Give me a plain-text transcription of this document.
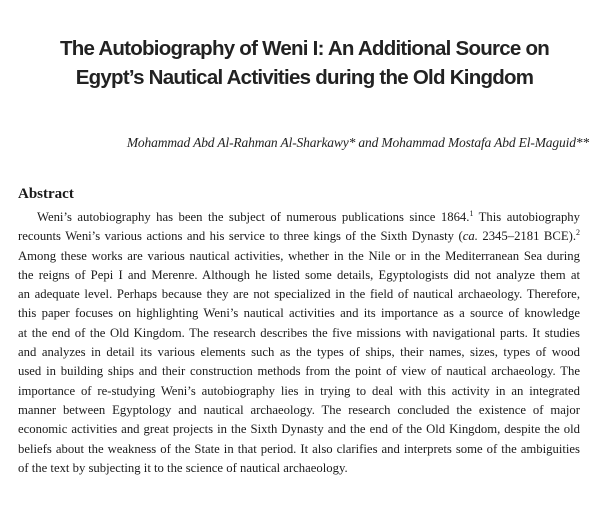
The Autobiography of Weni I: An Additional Source on
Egypt’s Nautical Activities during the Old Kingdom

Mohammad Abd Al-Rahman Al-Sharkawy* and Mohammad Mostafa Abd El-Maguid**

Abstract
Weni’s autobiography has been the subject of numerous publications since 1864.$^1$ This autobiography
recounts Weni’s various actions and his service to three kings of the Sixth Dynasty (ca. 2345–2181 BCE).$^2$
Among these works are various nautical activities, whether in the Nile or in the Mediterranean Sea during
the reigns of Pepi I and Merenre. Although he listed some details, Egyptologists did not analyze them at
an adequate level. Perhaps because they are not specialized in the field of nautical archaeology. Therefore,
this paper focuses on highlighting Weni’s nautical activities and its importance as a source of knowledge
at the end of the Old Kingdom. The research describes the five missions with navigational parts. It studies
and analyzes in detail its various elements such as the types of ships, their names, sizes, types of wood
used in building ships and their construction methods from the point of view of nautical archaeology. The
importance of re-studying Weni’s autobiography lies in trying to deal with this activity in an integrated
manner between Egyptology and nautical archaeology. The research concluded the existence of major
economic activities and great projects in the Sixth Dynasty and the end of the Old Kingdom, despite the old
beliefs about the weakness of the State in that period. It also clarifies and interprets some of the ambiguities
of the text by subjecting it to the science of nautical archaeology.
